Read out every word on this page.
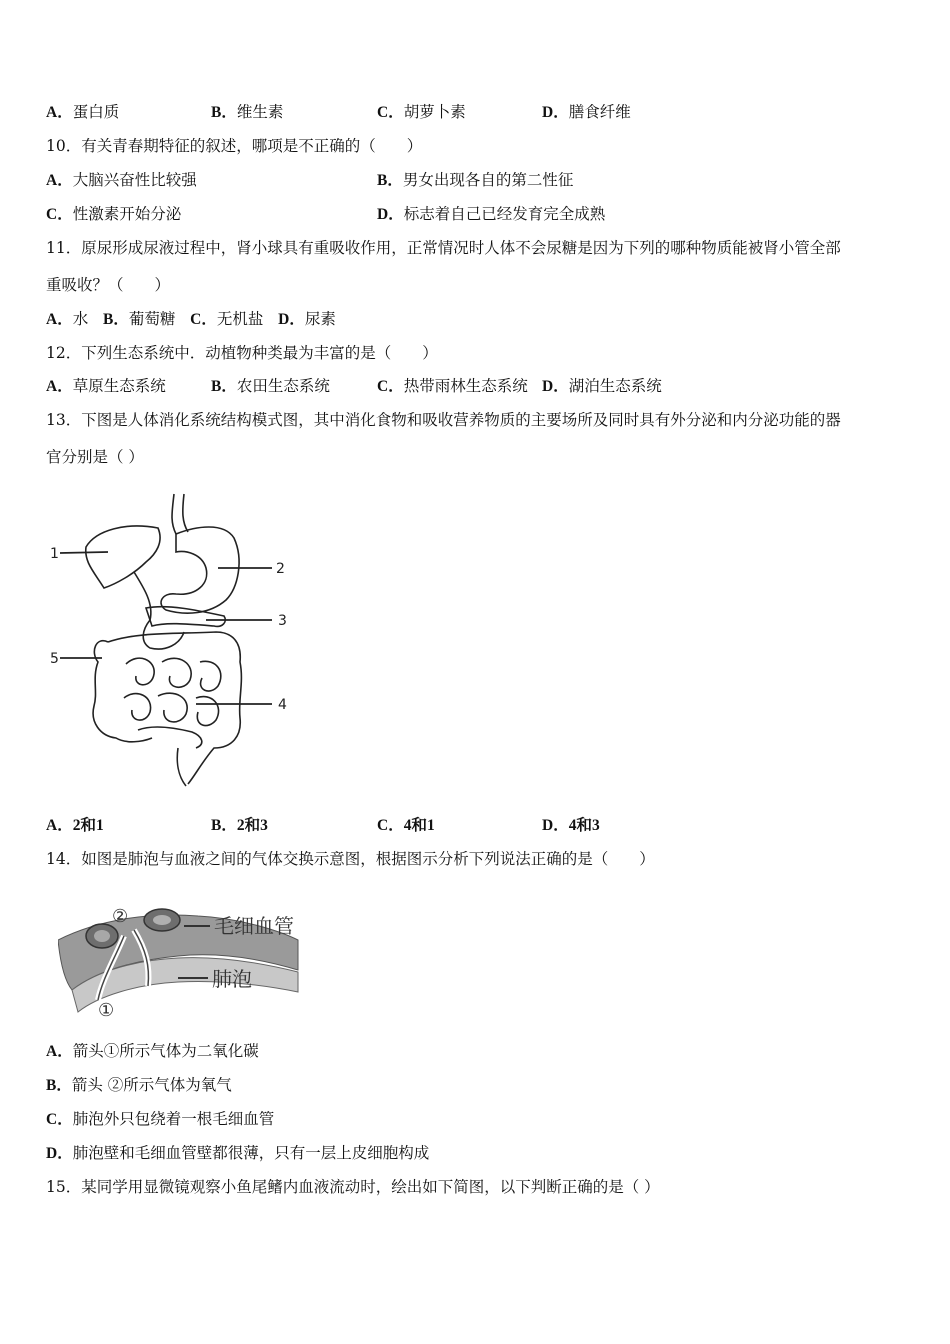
A．蛋白质	B．维生素	C．胡萝卜素	D．膳食纤维
10．有关青春期特征的叙述，哪项是不正确的（　　）
A．大脑兴奋性比较强	B．男女出现各自的第二性征
C．性激素开始分泌	D．标志着自己已经发育完全成熟
11．原尿形成尿液过程中，肾小球具有重吸收作用，正常情况时人体不会尿糖是因为下列的哪种物质能被肾小管全部
重吸收？（　　）
A．水 B．葡萄糖 C．无机盐 D．尿素
12．下列生态系统中．动植物种类最为丰富的是（　　）
A．草原生态系统	B．农田生态系统	C．热带雨林生态系统 D．湖泊生态系统
13．下图是人体消化系统结构模式图，其中消化食物和吸收营养物质的主要场所及同时具有外分泌和内分泌功能的器
官分别是（ ）
1
2
3
5
4
A．2和1	B．2和3	C．4和1	D．4和3
14．如图是肺泡与血液之间的气体交换示意图，根据图示分析下列说法正确的是（　　）
①
②	毛细血管
肺泡
A．箭头①所示气体为二氧化碳
B．箭头 ②所示气体为氧气
C．肺泡外只包绕着一根毛细血管
D．肺泡壁和毛细血管壁都很薄，只有一层上皮细胞构成
15．某同学用显微镜观察小鱼尾鳍内血液流动时，绘出如下简图，以下判断正确的是（ ）
